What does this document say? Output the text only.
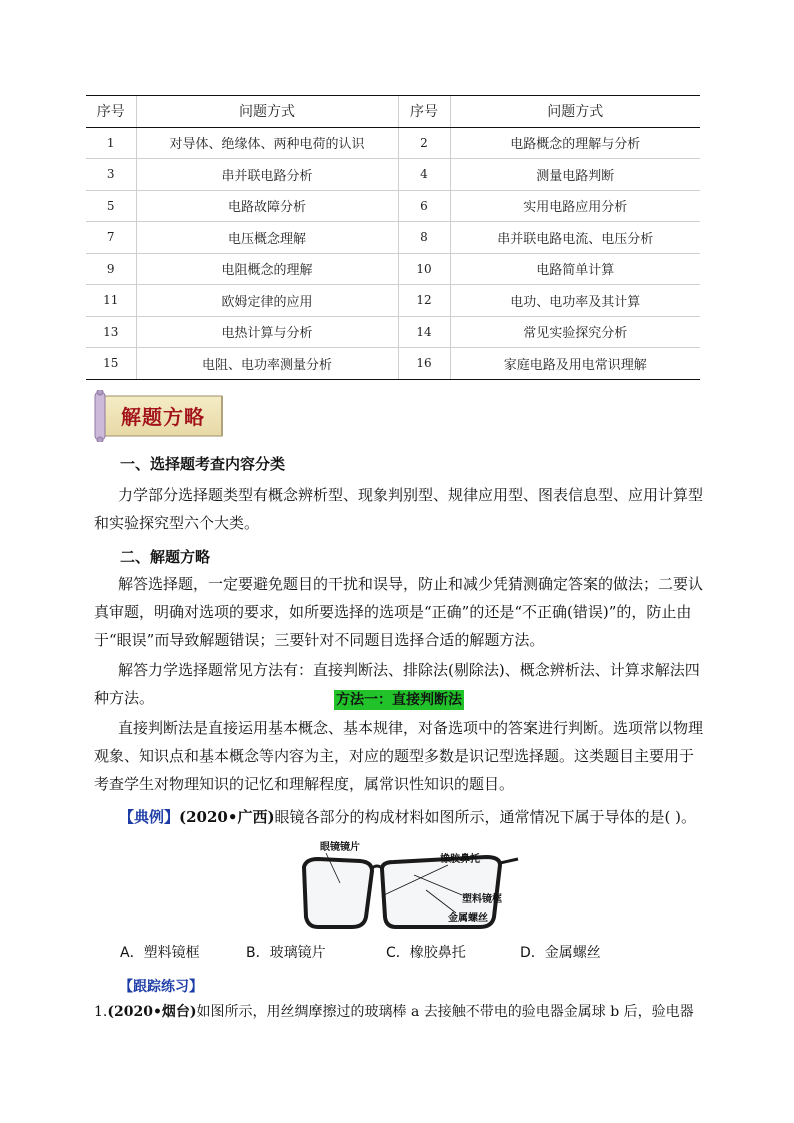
序号	问题方式	序号	问题方式
1	对导体、绝缘体、两种电荷的认识	2	电路概念的理解与分析
3	串并联电路分析	4	测量电路判断
5	电路故障分析	6	实用电路应用分析
7	电压概念理解	8	串并联电路电流、电压分析
9	电阻概念的理解	10	电路简单计算
11	欧姆定律的应用	12	电功、电功率及其计算
13	电热计算与分析	14	常见实验探究分析
15	电阻、电功率测量分析	16	家庭电路及用电常识理解
解题方略
一、选择题考查内容分类

力学部分选择题类型有概念辨析型、现象判别型、规律应用型、图表信息型、应用计算型和实验探究型六个大类。

二、解题方略

解答选择题，一定要避免题目的干扰和误导，防止和减少凭猜测确定答案的做法；二要认真审题，明确对选项的要求，如所要选择的选项是“正确”的还是“不正确(错误)”的，防止由于“眼误”而导致解题错误；三要针对不同题目选择合适的解题方法。

解答力学选择题常见方法有：直接判断法、排除法(剔除法)、概念辨析法、计算求解法四种方法。	方法一：直接判断法

直接判断法是直接运用基本概念、基本规律，对备选项中的答案进行判断。选项常以物理观象、知识点和基本概念等内容为主，对应的题型多数是识记型选择题。这类题目主要用于考查学生对物理知识的记忆和理解程度，属常识性知识的题目。

【典例】(2020•广西)眼镜各部分的构成材料如图所示，通常情况下属于导体的是( )。
眼镜镜片
橡胶鼻托
塑料镜框
金属螺丝
A．塑料镜框	B．玻璃镜片	C．橡胶鼻托	D．金属螺丝
【跟踪练习】
1.(2020•烟台)如图所示，用丝绸摩擦过的玻璃棒 a 去接触不带电的验电器金属球 b 后，验电器
